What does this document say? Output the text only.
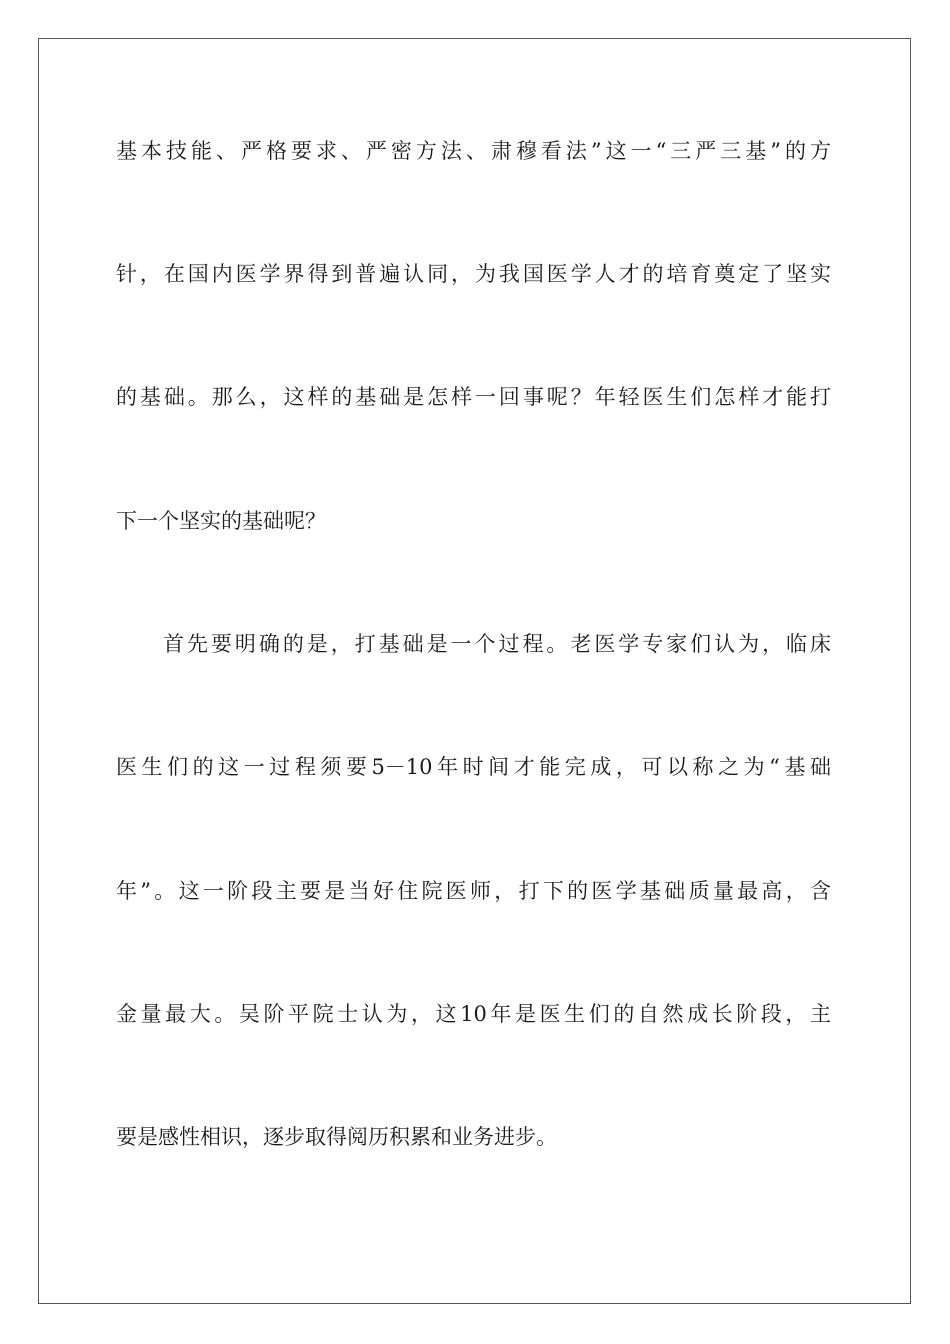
基本技能、严格要求、严密方法、肃穆看法”这一“三严三基”的方
针，在国内医学界得到普遍认同，为我国医学人才的培育奠定了坚实
的基础。那么，这样的基础是怎样一回事呢？年轻医生们怎样才能打
下一个坚实的基础呢？
首先要明确的是，打基础是一个过程。老医学专家们认为，临床
医生们的这一过程须要5－10年时间才能完成，可以称之为“基础
年”。这一阶段主要是当好住院医师，打下的医学基础质量最高，含
金量最大。吴阶平院士认为，这10年是医生们的自然成长阶段，主
要是感性相识，逐步取得阅历积累和业务进步。
